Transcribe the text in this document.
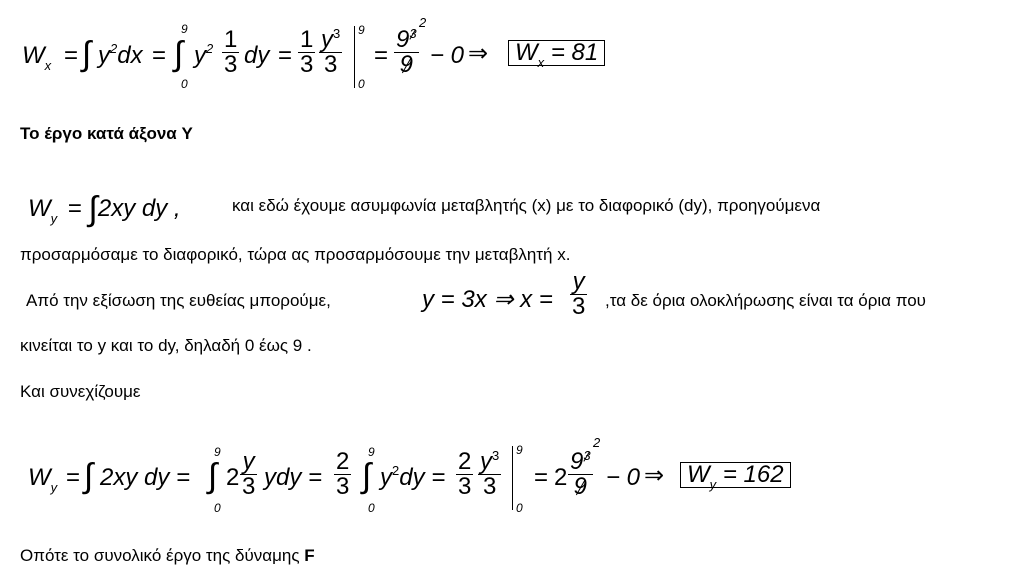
$W_x$ = ∫ $y^2dx$ =
9
∫
0
$y^2 \frac{1}{3}$ dy = $\frac{1}{3} \frac{y^3}{3} 9$
0
= $\frac{93}{9}$
2
− 0 ⇒ $W_x = 81$
Το έργο κατά άξονα Y
$W_y = \int 2xy$ dy ,	και εδώ έχουμε ασυμφωνία μεταβλητής (x) με το διαφορικό (dy), προηγούμενα
προσαρμόσαμε το διαφορικό, τώρα ας προσαρμόσουμε την μεταβλητή x.
Από την εξίσωση της ευθείας μπορούμε,	y = 3x ⇒ $x = \frac{y}{3} ,\tau\alpha$ δε όρια ολοκλήρωσης είναι τα όρια που
κινείται το y και το dy, δηλαδή 0 έως 9 .
Και συνεχίζουμε
$W_y$ = ∫ 2xy dy =
9
∫
0
$2 \frac{y}{3}$ ydy = $\frac{2}{3} 9$
∫
0
$y^2dy = \frac{2}{3} \frac{y^3}{3} 9$
0
= $2 \frac{93}{9}$
2
− 0 ⇒ $W_y = 162$
Οπότε το συνολικό έργο της δύναμης F
